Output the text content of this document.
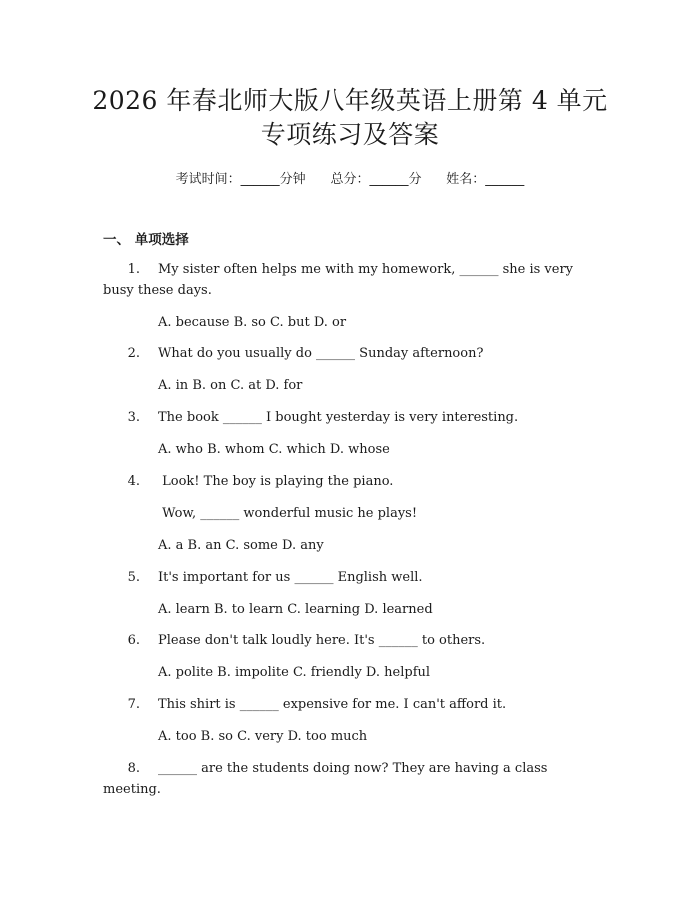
2026 年春北师大版八年级英语上册第 4 单元
专项练习及答案
考试时间：______分钟 总分：______分 姓名：______
一、 单项选择
1. My sister often helps me with my homework, ______ she is very
busy these days.
A. because B. so C. but D. or
2. What do you usually do ______ Sunday afternoon?
A. in B. on C. at D. for
3. The book ______ I bought yesterday is very interesting.
A. who B. whom C. which D. whose
4. Look! The boy is playing the piano.
Wow, ______ wonderful music he plays!
A. a B. an C. some D. any
5. It's important for us ______ English well.
A. learn B. to learn C. learning D. learned
6. Please don't talk loudly here. It's ______ to others.
A. polite B. impolite C. friendly D. helpful
7. This shirt is ______ expensive for me. I can't afford it.
A. too B. so C. very D. too much
8. ______ are the students doing now? They are having a class
meeting.
